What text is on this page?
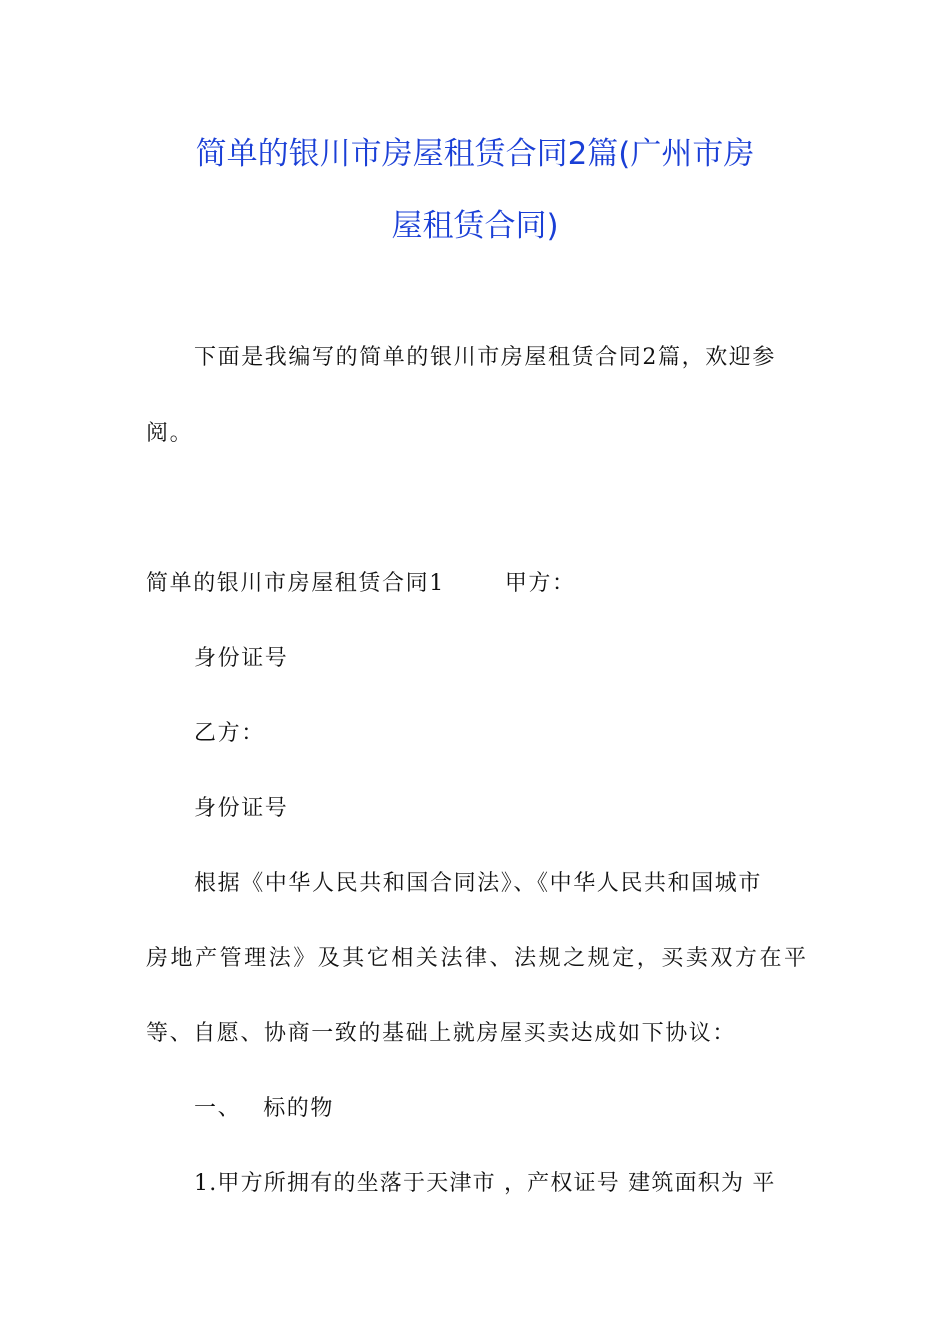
简单的银川市房屋租赁合同2篇(广州市房
屋租赁合同)
下面是我编写的简单的银川市房屋租赁合同2篇，欢迎参
阅。
简单的银川市房屋租赁合同1	甲方：
身份证号
乙方：
身份证号
根据《中华人民共和国合同法》、《中华人民共和国城市
房地产管理法》及其它相关法律、法规之规定，买卖双方在平
等、自愿、协商一致的基础上就房屋买卖达成如下协议：
一、 标的物
1.甲方所拥有的坐落于天津市 ，产权证号 建筑面积为 平
